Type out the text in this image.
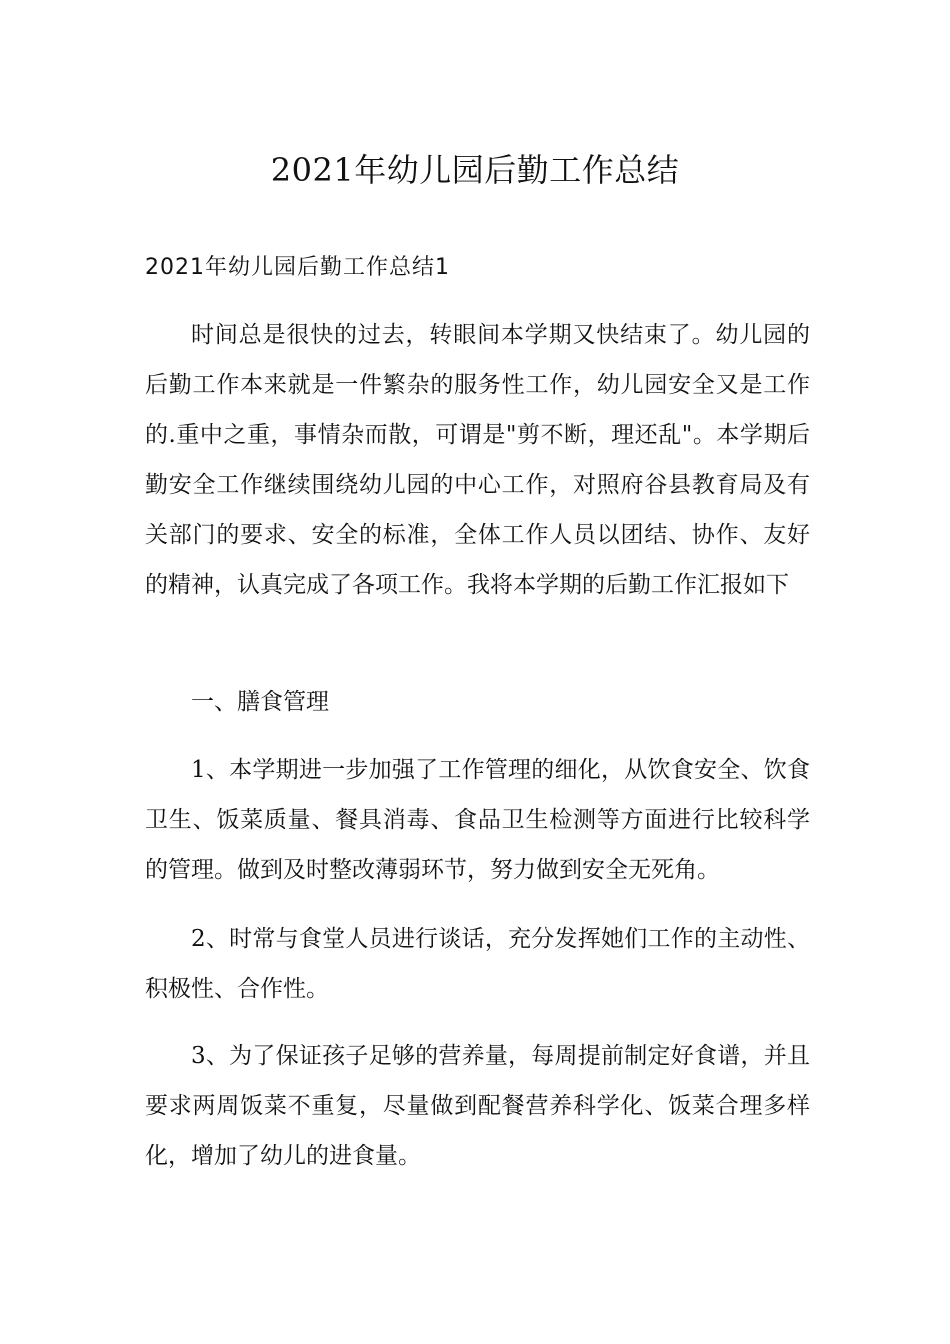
2021年幼儿园后勤工作总结
2021年幼儿园后勤工作总结1

时间总是很快的过去，转眼间本学期又快结束了。幼儿园的后勤工作本来就是一件繁杂的服务性工作，幼儿园安全又是工作的.重中之重，事情杂而散，可谓是"剪不断，理还乱"。本学期后勤安全工作继续围绕幼儿园的中心工作，对照府谷县教育局及有关部门的要求、安全的标准，全体工作人员以团结、协作、友好的精神，认真完成了各项工作。我将本学期的后勤工作汇报如下

一、膳食管理

1、本学期进一步加强了工作管理的细化，从饮食安全、饮食卫生、饭菜质量、餐具消毒、食品卫生检测等方面进行比较科学的管理。做到及时整改薄弱环节，努力做到安全无死角。

2、时常与食堂人员进行谈话，充分发挥她们工作的主动性、积极性、合作性。

3、为了保证孩子足够的营养量，每周提前制定好食谱，并且要求两周饭菜不重复，尽量做到配餐营养科学化、饭菜合理多样化，增加了幼儿的进食量。
